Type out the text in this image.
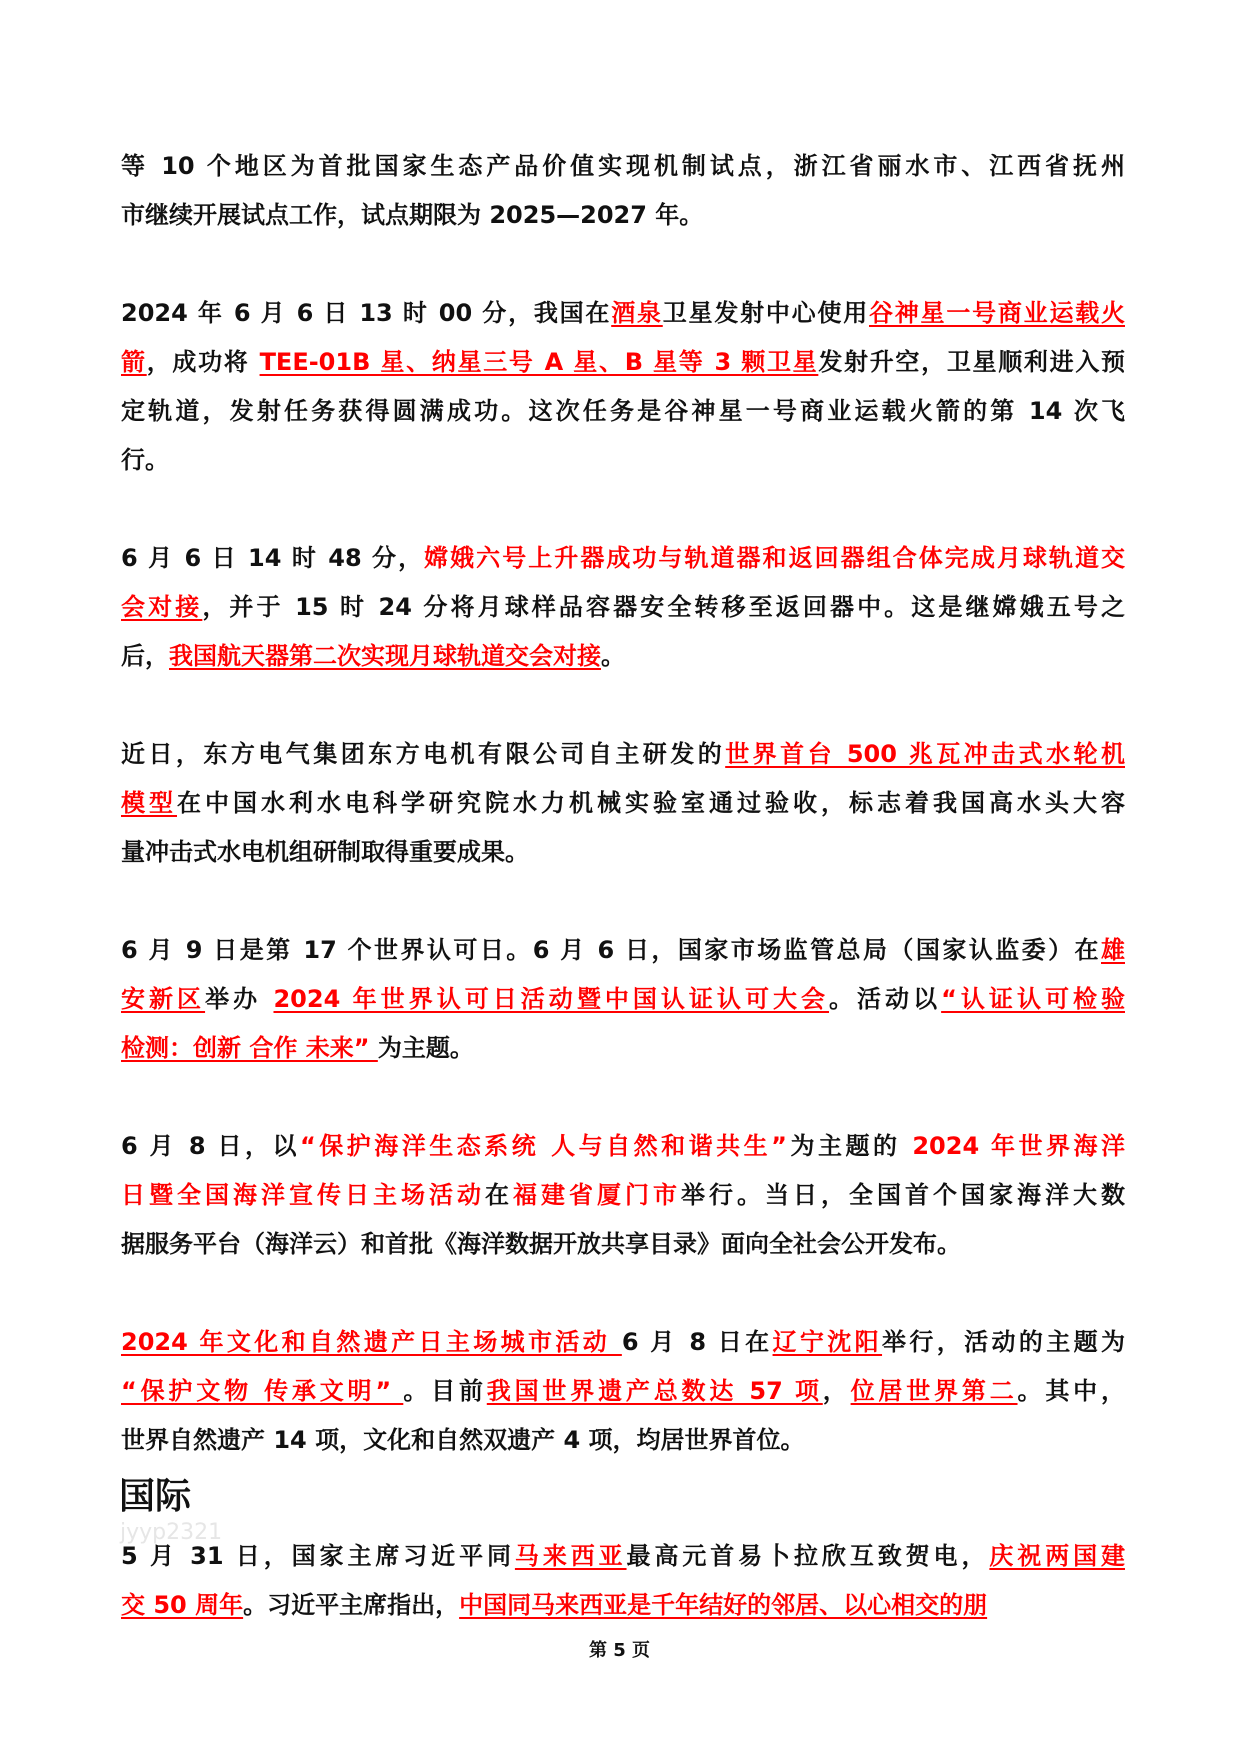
等 10 个地区为首批国家生态产品价值实现机制试点，浙江省丽水市、江西省抚州
市继续开展试点工作，试点期限为 2025—2027 年。
2024 年 6 月 6 日 13 时 00 分，我国在酒泉卫星发射中心使用谷神星一号商业运载火
箭，成功将 TEE-01B 星、纳星三号 A 星、B 星等 3 颗卫星发射升空，卫星顺利进入预
定轨道，发射任务获得圆满成功。这次任务是谷神星一号商业运载火箭的第 14 次飞
行。
6 月 6 日 14 时 48 分，嫦娥六号上升器成功与轨道器和返回器组合体完成月球轨道交
会对接，并于 15 时 24 分将月球样品容器安全转移至返回器中。这是继嫦娥五号之
后，我国航天器第二次实现月球轨道交会对接。
近日，东方电气集团东方电机有限公司自主研发的世界首台 500 兆瓦冲击式水轮机
模型在中国水利水电科学研究院水力机械实验室通过验收，标志着我国高水头大容
量冲击式水电机组研制取得重要成果。
6 月 9 日是第 17 个世界认可日。6 月 6 日，国家市场监管总局（国家认监委）在雄
安新区举办 2024 年世界认可日活动暨中国认证认可大会。活动以“认证认可检验
检测：创新 合作 未来” 为主题。
6 月 8 日，以“保护海洋生态系统 人与自然和谐共生”为主题的 2024 年世界海洋
日暨全国海洋宣传日主场活动在福建省厦门市举行。当日，全国首个国家海洋大数
据服务平台（海洋云）和首批《海洋数据开放共享目录》面向全社会公开发布。
2024 年文化和自然遗产日主场城市活动 6 月 8 日在辽宁沈阳举行，活动的主题为
“保护文物 传承文明” 。目前我国世界遗产总数达 57 项，位居世界第二。其中，
世界自然遗产 14 项，文化和自然双遗产 4 项，均居世界首位。
国际
jyyp2321
5 月 31 日，国家主席习近平同马来西亚最高元首易卜拉欣互致贺电，庆祝两国建
交 50 周年。习近平主席指出，中国同马来西亚是千年结好的邻居、以心相交的朋
第 5 页
